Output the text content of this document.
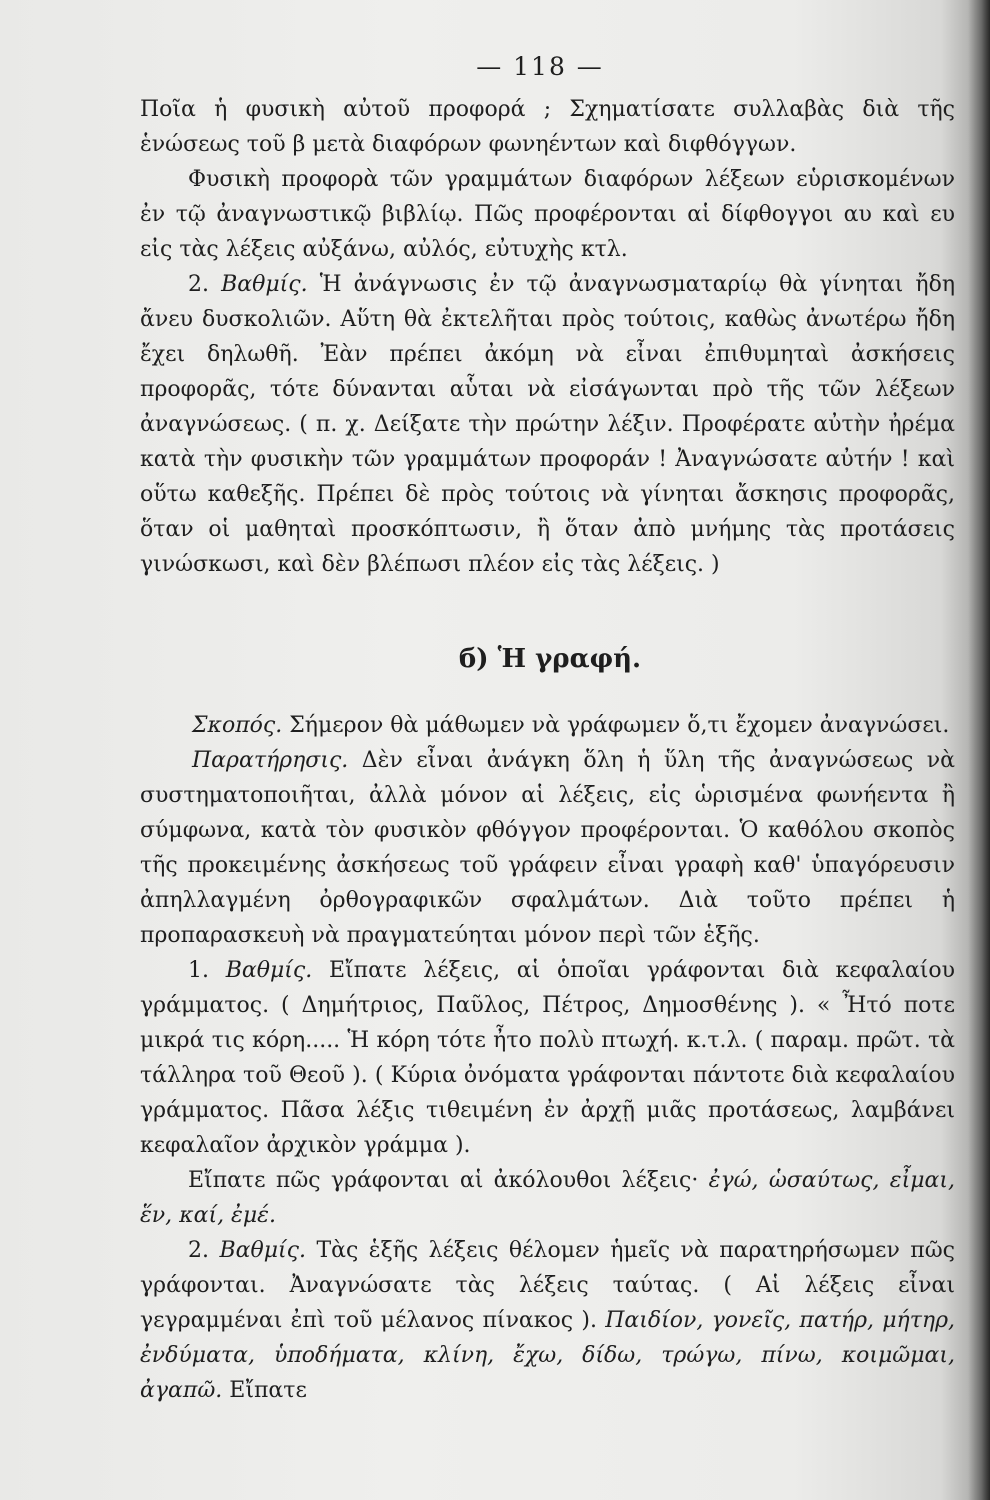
— 118 —

Ποῖα ἡ φυσικὴ αὐτοῦ προφορά ; Σχηματίσατε συλλαβὰς διὰ τῆς ἑνώσεως τοῦ β μετὰ διαφόρων φωνηέντων καὶ διφθόγγων.

Φυσικὴ προφορὰ τῶν γραμμάτων διαφόρων λέξεων εὑρισκομένων ἐν τῷ ἀναγνωστικῷ βιβλίῳ. Πῶς προφέρονται αἱ δίφθογγοι αυ καὶ ευ εἰς τὰς λέξεις αὐξάνω, αὐλός, εὐτυχὴς κτλ.

2. Βαθμίς. Ἡ ἀνάγνωσις ἐν τῷ ἀναγνωσματαρίῳ θὰ γίνηται ἤδη ἄνευ δυσκολιῶν. Αὕτη θὰ ἐκτελῆται πρὸς τούτοις, καθὼς ἀνωτέρω ἤδη ἔχει δηλωθῆ. Ἐὰν πρέπει ἀκόμη νὰ εἶναι ἐπιθυμηταὶ ἀσκήσεις προφορᾶς, τότε δύνανται αὗται νὰ εἰσάγωνται πρὸ τῆς τῶν λέξεων ἀναγνώσεως. ( π. χ. Δείξατε τὴν πρώτην λέξιν. Προφέρατε αὐτὴν ἠρέμα κατὰ τὴν φυσικὴν τῶν γραμμάτων προφοράν ! Ἀναγνώσατε αὐτήν ! καὶ οὕτω καθεξῆς. Πρέπει δὲ πρὸς τούτοις νὰ γίνηται ἄσκησις προφορᾶς, ὅταν οἱ μαθηταὶ προσκόπτωσιν, ἢ ὅταν ἀπὸ μνήμης τὰς προτάσεις γινώσκωσι, καὶ δὲν βλέπωσι πλέον εἰς τὰς λέξεις. )

б) Ἡ γραφή.

Σκοπός. Σήμερον θὰ μάθωμεν νὰ γράφωμεν ὅ,τι ἔχομεν ἀναγνώσει.

Παρατήρησις. Δὲν εἶναι ἀνάγκη ὅλη ἡ ὕλη τῆς ἀναγνώσεως νὰ συστηματοποιῆται, ἀλλὰ μόνον αἱ λέξεις, εἰς ὡρισμένα φωνήεντα ἢ σύμφωνα, κατὰ τὸν φυσικὸν φθόγγον προφέρονται. Ὁ καθόλου σκοπὸς τῆς προκειμένης ἀσκήσεως τοῦ γράφειν εἶναι γραφὴ καθ' ὑπαγόρευσιν ἀπηλλαγμένη ὀρθογραφικῶν σφαλμάτων. Διὰ τοῦτο πρέπει ἡ προπαρασκευὴ νὰ πραγματεύηται μόνον περὶ τῶν ἑξῆς.

1. Βαθμίς. Εἴπατε λέξεις, αἱ ὁποῖαι γράφονται διὰ κεφαλαίου γράμματος. ( Δημήτριος, Παῦλος, Πέτρος, Δημοσθένης ). « Ἦτό ποτε μικρά τις κόρη..... Ἡ κόρη τότε ἦτο πολὺ πτωχή. κ.τ.λ. ( παραμ. πρῶτ. τὰ τάλληρα τοῦ Θεοῦ ). ( Κύρια ὀνόματα γράφονται πάντοτε διὰ κεφαλαίου γράμματος. Πᾶσα λέξις τιθειμένη ἐν ἀρχῇ μιᾶς προτάσεως, λαμβάνει κεφαλαῖον ἀρχικὸν γράμμα ).

Εἴπατε πῶς γράφονται αἱ ἀκόλουθοι λέξεις· ἐγώ, ὡσαύτως, εἶμαι, ἕν, καί, ἐμέ.

2. Βαθμίς. Τὰς ἑξῆς λέξεις θέλομεν ἡμεῖς νὰ παρατηρήσωμεν πῶς γράφονται. Ἀναγνώσατε τὰς λέξεις ταύτας. ( Αἱ λέξεις εἶναι γεγραμμέναι ἐπὶ τοῦ μέλανος πίνακος ). Παιδίον, γονεῖς, πατήρ, μήτηρ, ἐνδύματα, ὑποδήματα, κλίνη, ἔχω, δίδω, τρώγω, πίνω, κοιμῶμαι, ἀγαπῶ. Εἴπατε
